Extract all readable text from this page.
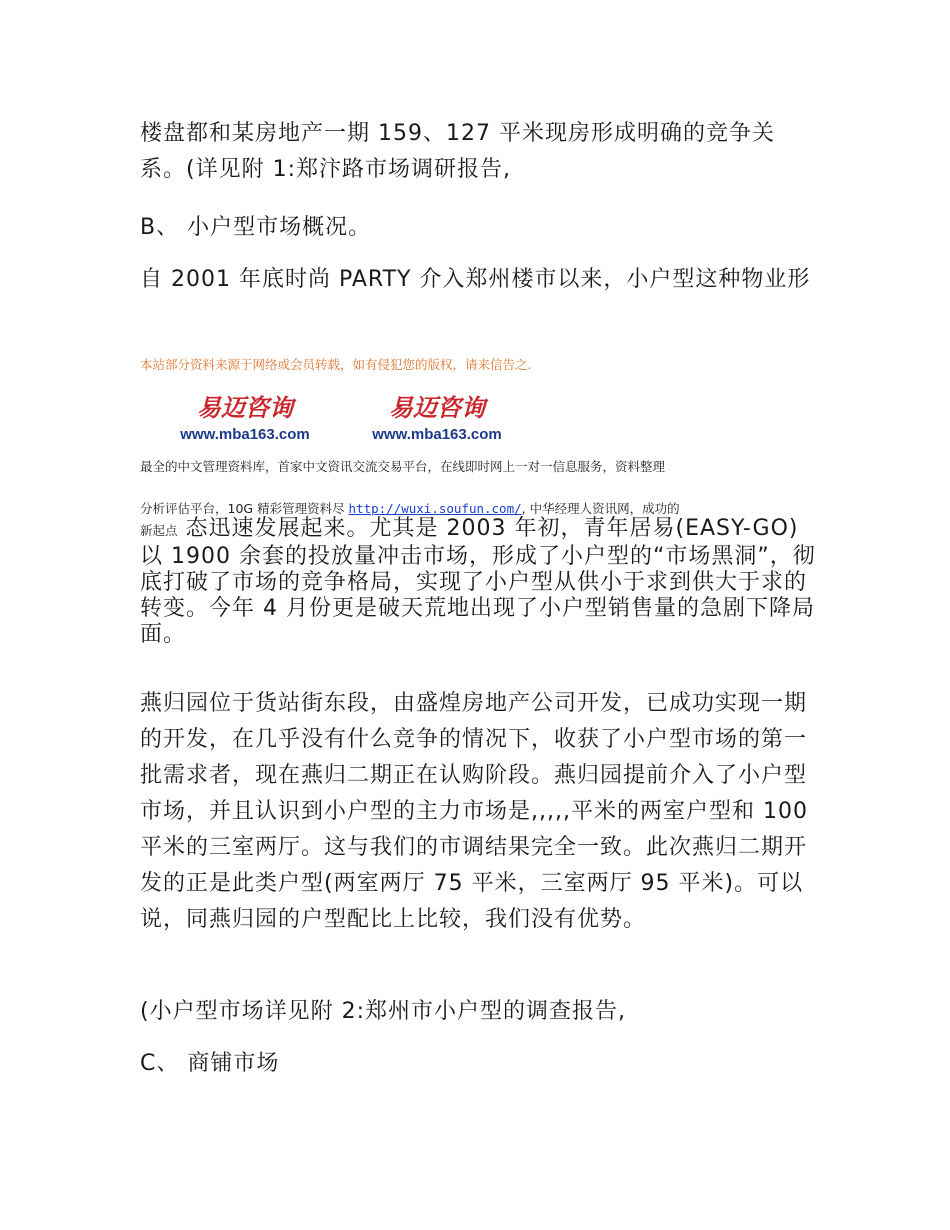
楼盘都和某房地产一期 159、127 平米现房形成明确的竞争关系。(详见附 1:郑汴路市场调研报告,

B、 小户型市场概况。

自 2001 年底时尚 PARTY 介入郑州楼市以来，小户型这种物业形

本站部分资料来源于网络或会员转载，如有侵犯您的版权，请来信告之.

易迈咨询
www.mba163.com
易迈咨询
www.mba163.com

最全的中文管理资料库，首家中文资讯交流交易平台，在线即时网上一对一信息服务，资料整理

分析评估平台，10G 精彩管理资料尽 http://wuxi.soufun.com/, 中华经理人资讯网，成功的

新起点 态迅速发展起来。尤其是 2003 年初，青年居易(EASY-GO)以 1900 余套的投放量冲击市场，形成了小户型的“市场黑洞”，彻底打破了市场的竞争格局，实现了小户型从供小于求到供大于求的转变。今年 4 月份更是破天荒地出现了小户型销售量的急剧下降局面。

燕归园位于货站街东段，由盛煌房地产公司开发，已成功实现一期的开发，在几乎没有什么竞争的情况下，收获了小户型市场的第一批需求者，现在燕归二期正在认购阶段。燕归园提前介入了小户型市场，并且认识到小户型的主力市场是,,,,,平米的两室户型和 100 平米的三室两厅。这与我们的市调结果完全一致。此次燕归二期开发的正是此类户型(两室两厅 75 平米，三室两厅 95 平米)。可以说，同燕归园的户型配比上比较，我们没有优势。

(小户型市场详见附 2:郑州市小户型的调查报告,

C、 商铺市场
